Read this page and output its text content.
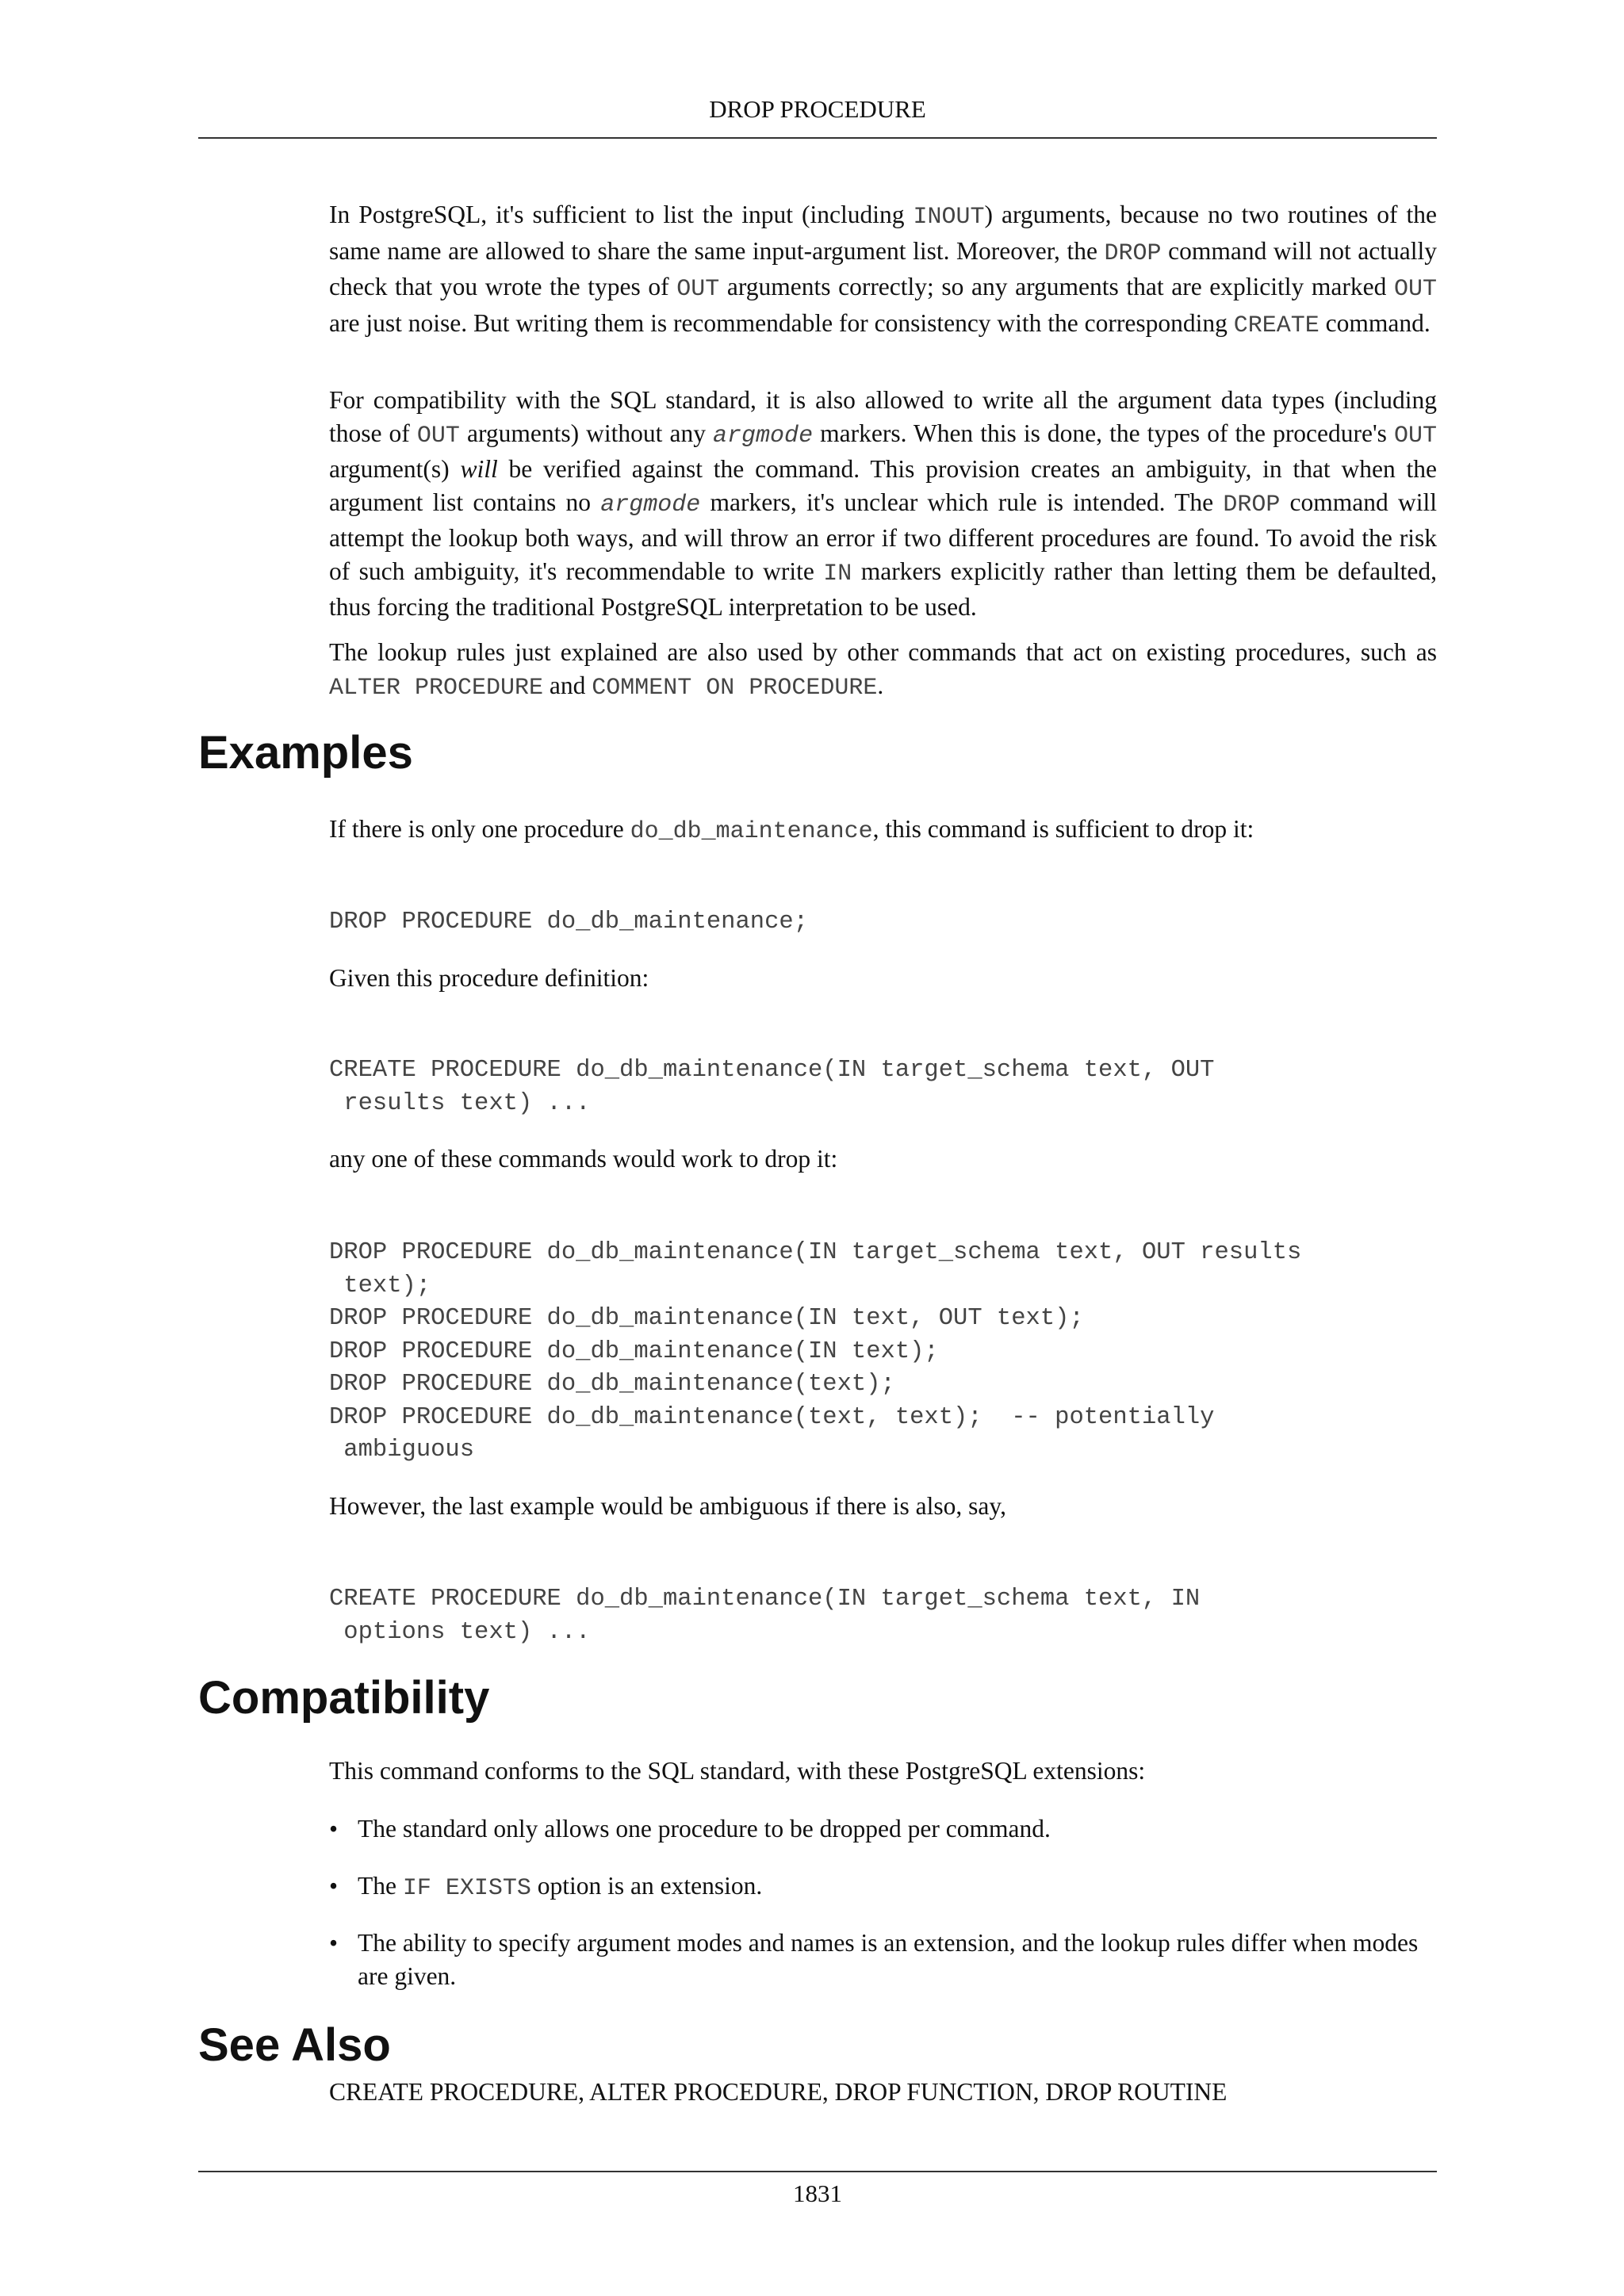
DROP PROCEDURE

In PostgreSQL, it's sufficient to list the input (including INOUT) arguments, because no two routines of the same name are allowed to share the same input-argument list. Moreover, the DROP command will not actually check that you wrote the types of OUT arguments correctly; so any arguments that are explicitly marked OUT are just noise. But writing them is recommendable for consistency with the corresponding CREATE command.

For compatibility with the SQL standard, it is also allowed to write all the argument data types (including those of OUT arguments) without any argmode markers. When this is done, the types of the procedure's OUT argument(s) will be verified against the command. This provision creates an ambiguity, in that when the argument list contains no argmode markers, it's unclear which rule is intended. The DROP command will attempt the lookup both ways, and will throw an error if two different procedures are found. To avoid the risk of such ambiguity, it's recommendable to write IN markers explicitly rather than letting them be defaulted, thus forcing the traditional PostgreSQL interpretation to be used.

The lookup rules just explained are also used by other commands that act on existing procedures, such as ALTER PROCEDURE and COMMENT ON PROCEDURE.

Examples

If there is only one procedure do_db_maintenance, this command is sufficient to drop it:

DROP PROCEDURE do_db_maintenance;

Given this procedure definition:

CREATE PROCEDURE do_db_maintenance(IN target_schema text, OUT
results text) ...

any one of these commands would work to drop it:

DROP PROCEDURE do_db_maintenance(IN target_schema text, OUT results
text);
DROP PROCEDURE do_db_maintenance(IN text, OUT text);
DROP PROCEDURE do_db_maintenance(IN text);
DROP PROCEDURE do_db_maintenance(text);
DROP PROCEDURE do_db_maintenance(text, text);  -- potentially
ambiguous

However, the last example would be ambiguous if there is also, say,

CREATE PROCEDURE do_db_maintenance(IN target_schema text, IN
options text) ...
Compatibility

This command conforms to the SQL standard, with these PostgreSQL extensions:

• The standard only allows one procedure to be dropped per command.
• The IF EXISTS option is an extension.
• The ability to specify argument modes and names is an extension, and the lookup rules differ when modes are given.
See Also

CREATE PROCEDURE, ALTER PROCEDURE, DROP FUNCTION, DROP ROUTINE

1831
